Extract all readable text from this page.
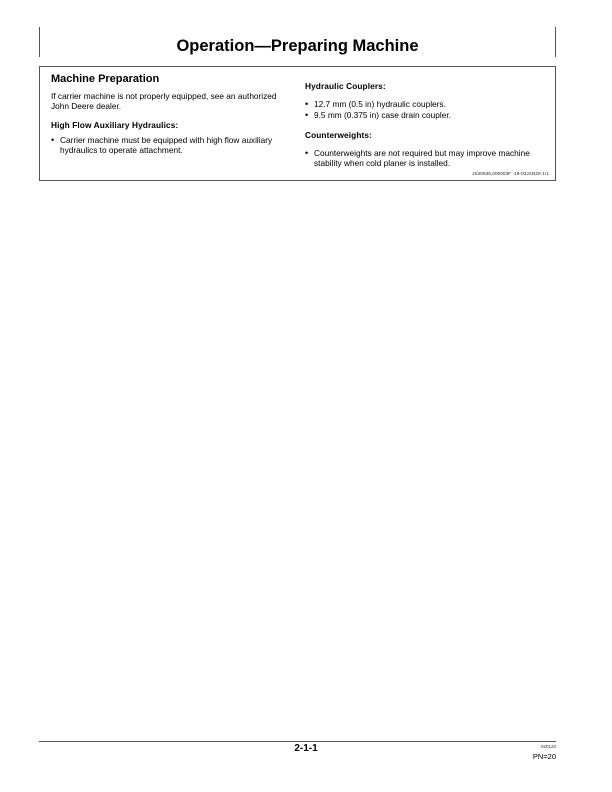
Operation—Preparing Machine
Machine Preparation

If carrier machine is not properly equipped, see an authorized John Deere dealer.

High Flow Auxiliary Hydraulics:
• Carrier machine must be equipped with high flow auxiliary hydraulics to operate attachment.
Hydraulic Couplers:
• 12.7 mm (0.5 in) hydraulic couplers.
• 9.5 mm (0.375 in) case drain coupler.
Counterweights:
• Counterweights are not required but may improve machine stability when cold planer is installed.
JS40836,000003F -19-03JAN20-1/1
2-1-1	020120
PN=20
